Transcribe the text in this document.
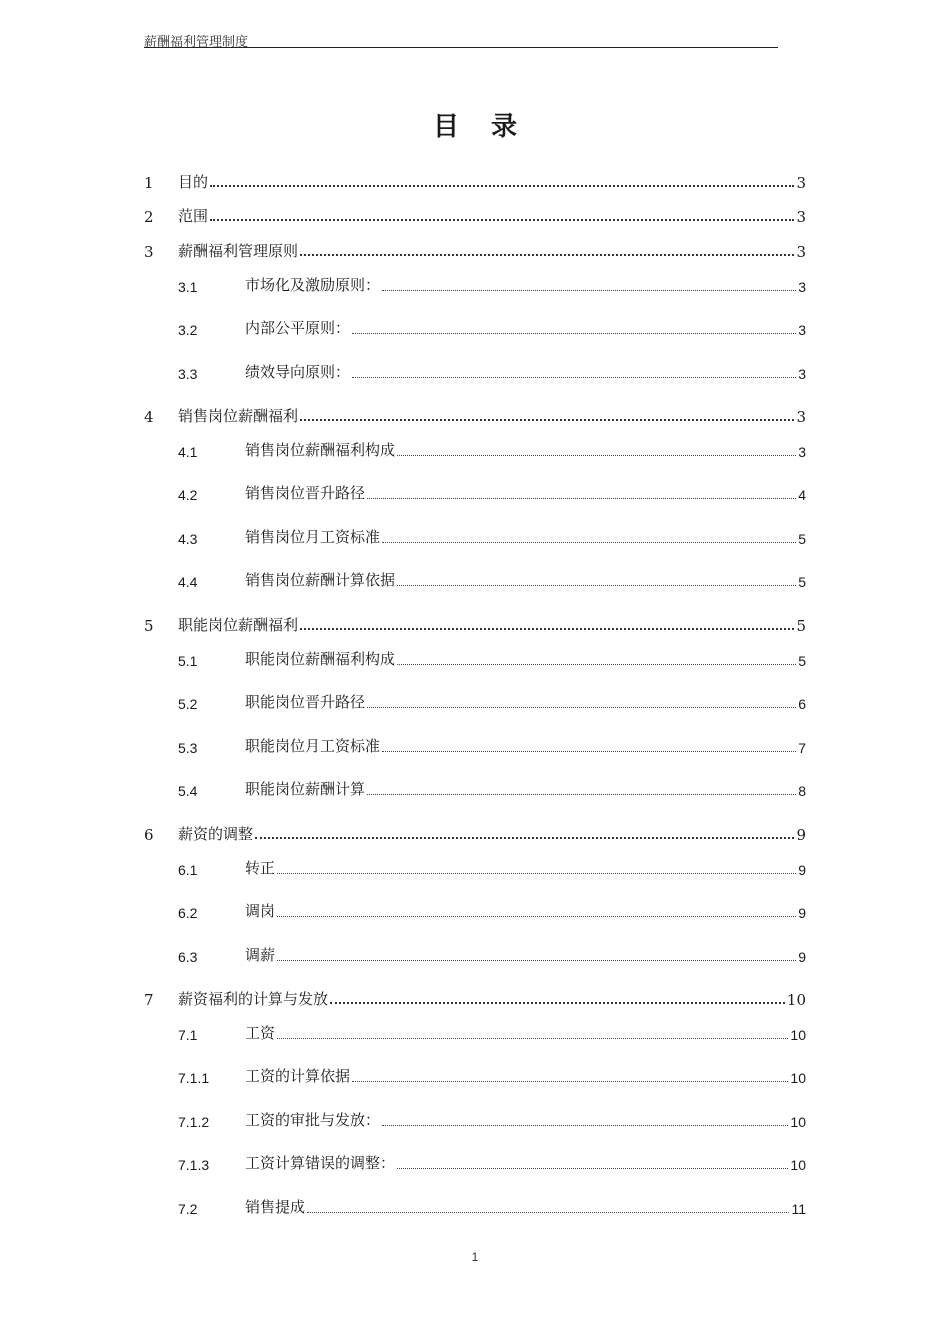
薪酬福利管理制度
目录
1	目的	3
2	范围	3
3	薪酬福利管理原则	3
3.1	市场化及激励原则：	3
3.2	内部公平原则：	3
3.3	绩效导向原则：	3
4	销售岗位薪酬福利	3
4.1	销售岗位薪酬福利构成	3
4.2	销售岗位晋升路径	4
4.3	销售岗位月工资标准	5
4.4	销售岗位薪酬计算依据	5
5	职能岗位薪酬福利	5
5.1	职能岗位薪酬福利构成	5
5.2	职能岗位晋升路径	6
5.3	职能岗位月工资标准	7
5.4	职能岗位薪酬计算	8
6	薪资的调整	9
6.1	转正	9
6.2	调岗	9
6.3	调薪	9
7	薪资福利的计算与发放	10
7.1	工资	10
7.1.1	工资的计算依据	10
7.1.2	工资的审批与发放：	10
7.1.3	工资计算错误的调整：	10
7.2	销售提成	11
1
